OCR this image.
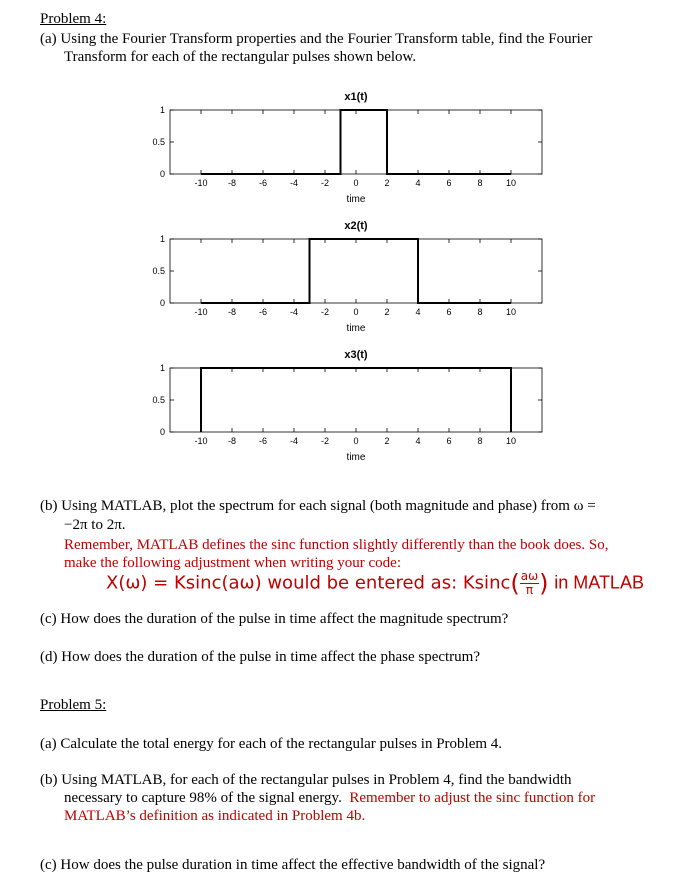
Problem 4:
(a) Using the Fourier Transform properties and the Fourier Transform table, find the Fourier
Transform for each of the rectangular pulses shown below.
x1(t)
-10 -8	-6	-4	-2	0	2	4	6	8	10
0
0.5
1
time
x2(t)
-10 -8	-6	-4	-2	0	2	4	6	8	10
0
0.5
1
time
x3(t)
-10 -8	-6	-4	-2	0	2	4	6	8	10
0
0.5
1
time
(b) Using MATLAB, plot the spectrum for each signal (both magnitude and phase) from ω =
−2π to 2π.
Remember, MATLAB defines the sinc function slightly differently than the book does. So,
make the following adjustment when writing your code:
X(ω) = Ksinc(aω) would be entered as: $Ksinc( \frac{a\omega}{\pi}$ ) in MATLAB
(c) How does the duration of the pulse in time affect the magnitude spectrum?
(d) How does the duration of the pulse in time affect the phase spectrum?
Problem 5:
(a) Calculate the total energy for each of the rectangular pulses in Problem 4.
(b) Using MATLAB, for each of the rectangular pulses in Problem 4, find the bandwidth
necessary to capture 98% of the signal energy. Remember to adjust the sinc function for
MATLAB’s definition as indicated in Problem 4b.
(c) How does the pulse duration in time affect the effective bandwidth of the signal?
